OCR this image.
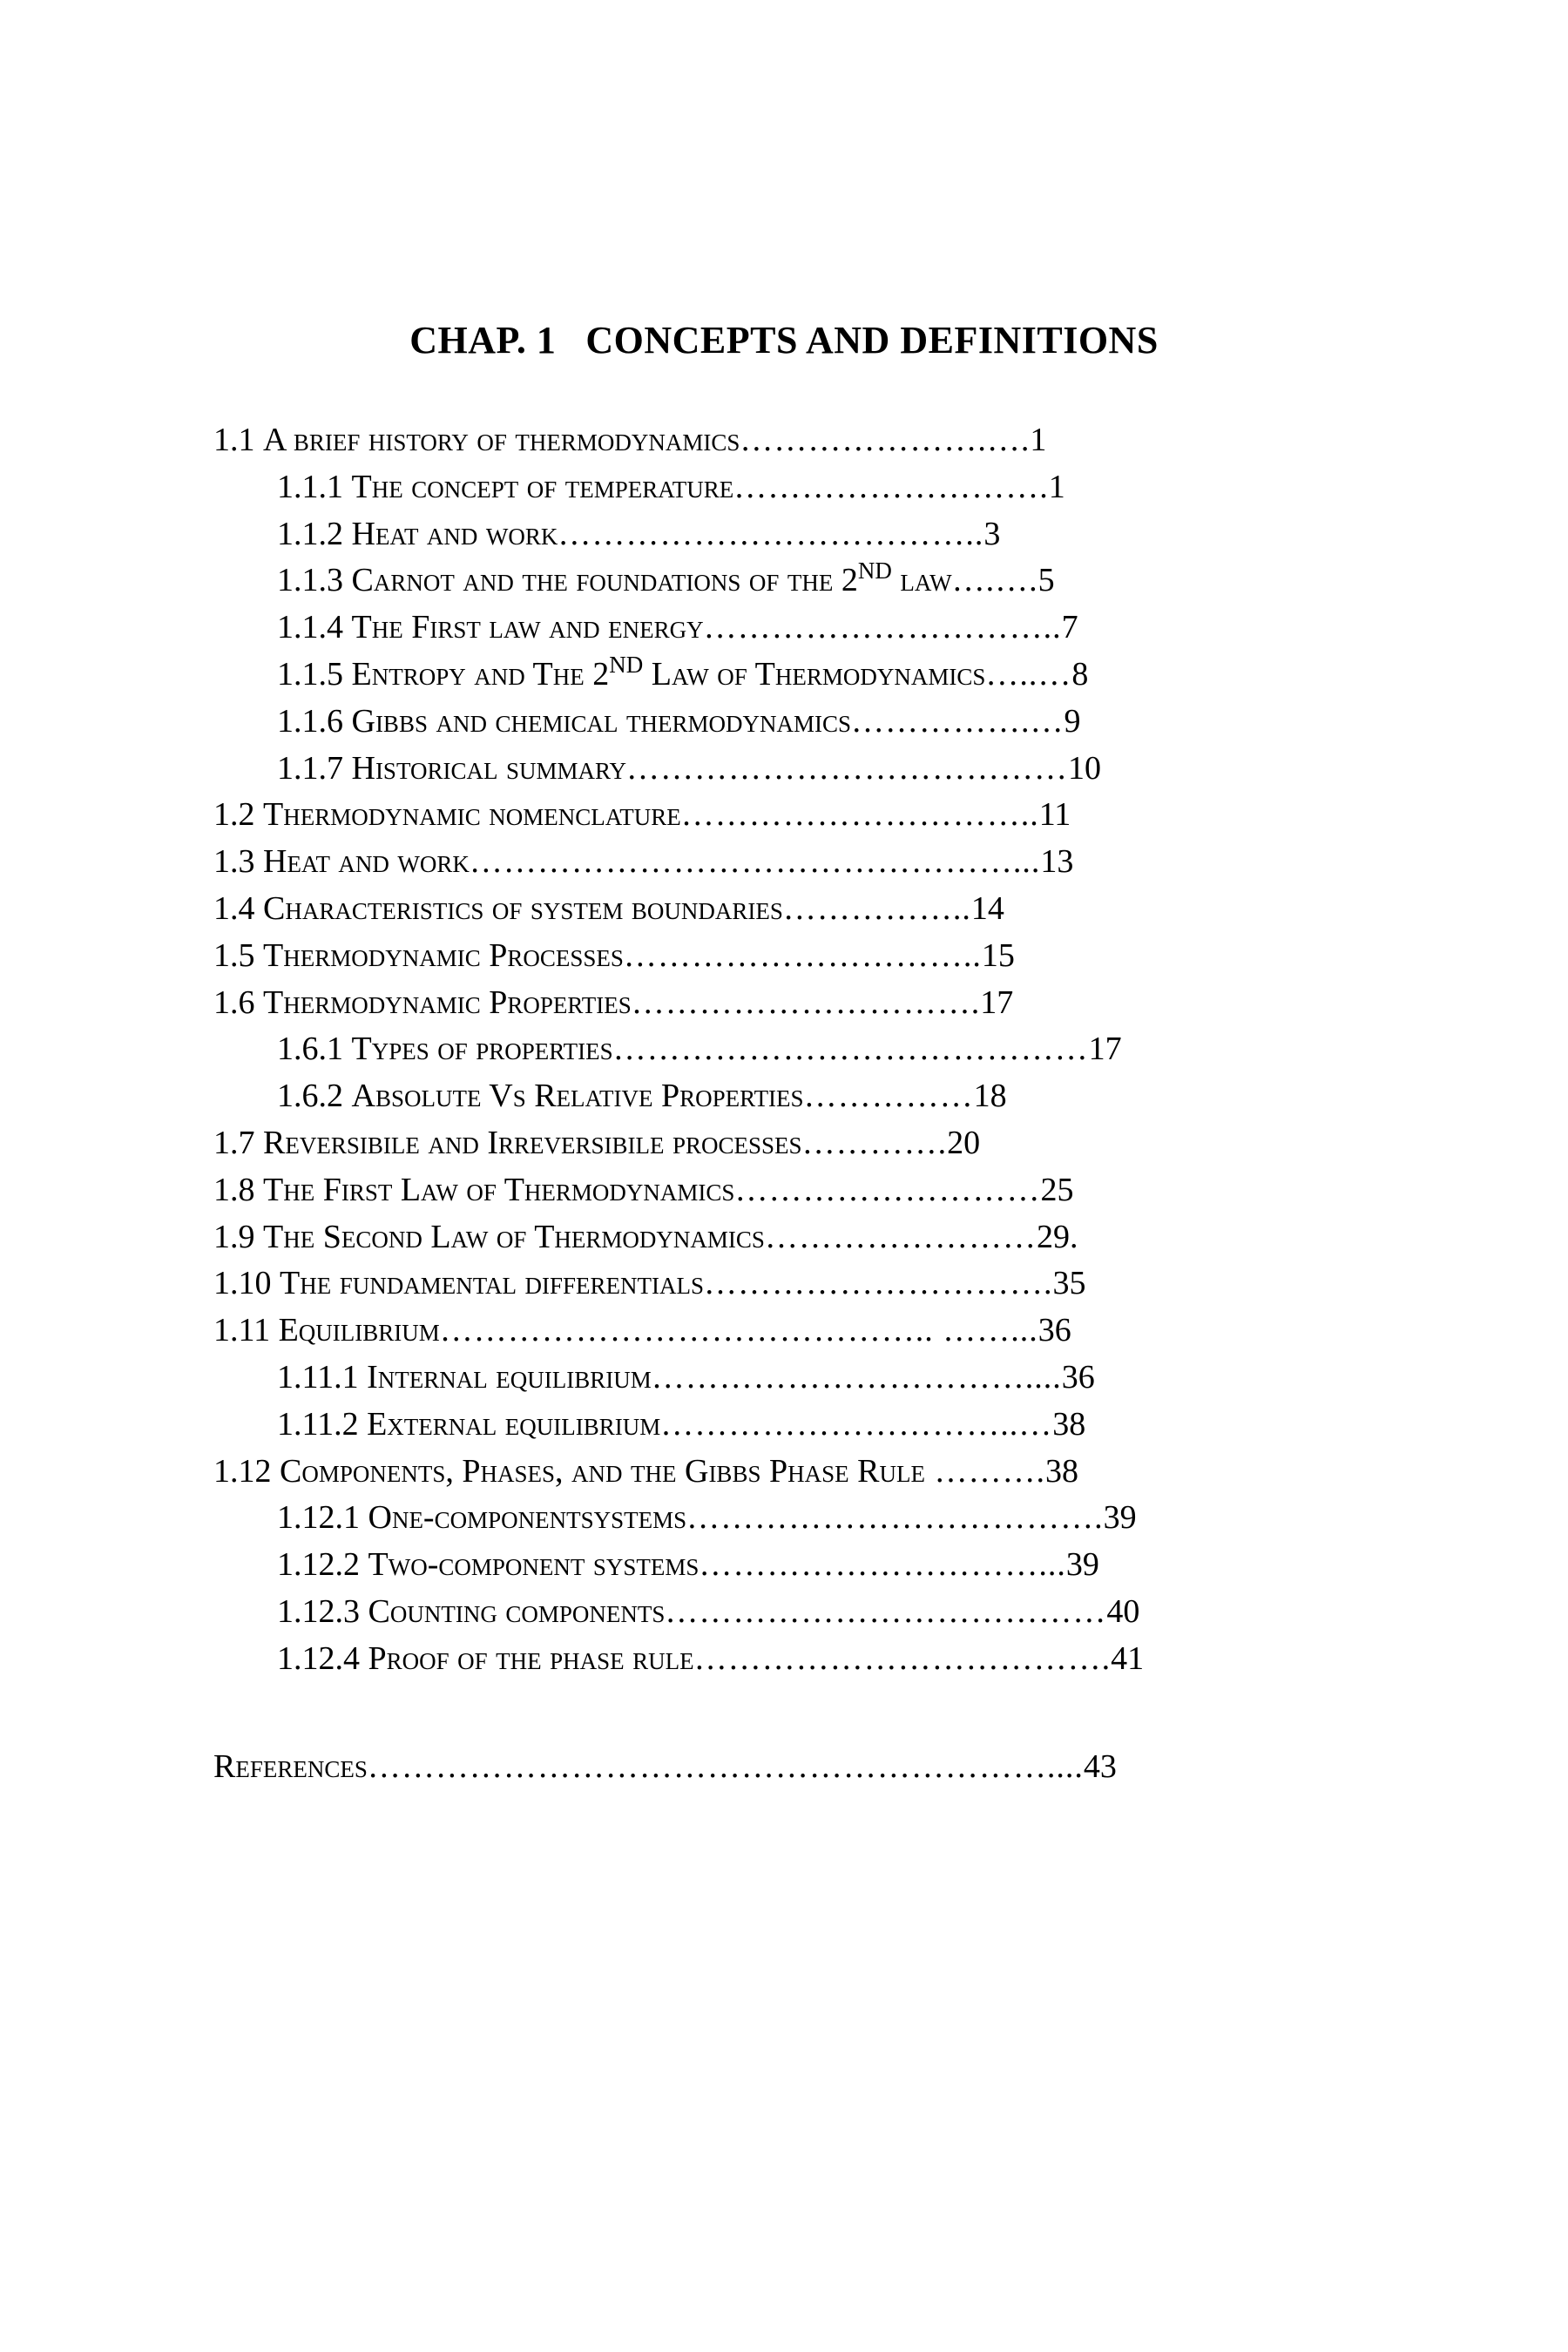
CHAP. 1 CONCEPTS AND DEFINITIONS
1.1 A brief history of thermodynamics………………….….1
1.1.1 The concept of temperature……………………….1
1.1.2 Heat and work………………………………..3
1.1.3 Carnot and the foundations of the 2nd law….….5
1.1.4 The First law and energy…………………………..7
1.1.5 Entropy and The 2nd Law of Thermodynamics…..…8
1.1.6 Gibbs and chemical thermodynamics…………….…9
1.1.7 Historical summary…………………………………10
1.2 Thermodynamic nomenclature…………………………..11
1.3 Heat and work…………………………………………...13
1.4 Characteristics of system boundaries……………..14
1.5 Thermodynamic Processes…………………………..15
1.6 Thermodynamic Properties………………………….17
1.6.1 Types of properties……………………………………17
1.6.2 Absolute Vs Relative Properties……………18
1.7 Reversibile and Irreversibile processes………….20
1.8 The First Law of Thermodynamics………………………25
1.9 The Second Law of Thermodynamics……………………29.
1.10 The fundamental differentials………………………….35
1.11 Equilibrium…………………………………….. ……...36
1.11.1 Internal equilibrium……………………………....36
1.11.2 External equilibrium…………………………..…38
1.12 Components, Phases, and the Gibbs Phase Rule ……….38
1.12.1 One-componentsystems……………………………….39
1.12.2 Two-component systems…………………………...39
1.12.3 Counting components…………………………………40
1.12.4 Proof of the phase rule……………………………….41
References……………………………………………………....43
